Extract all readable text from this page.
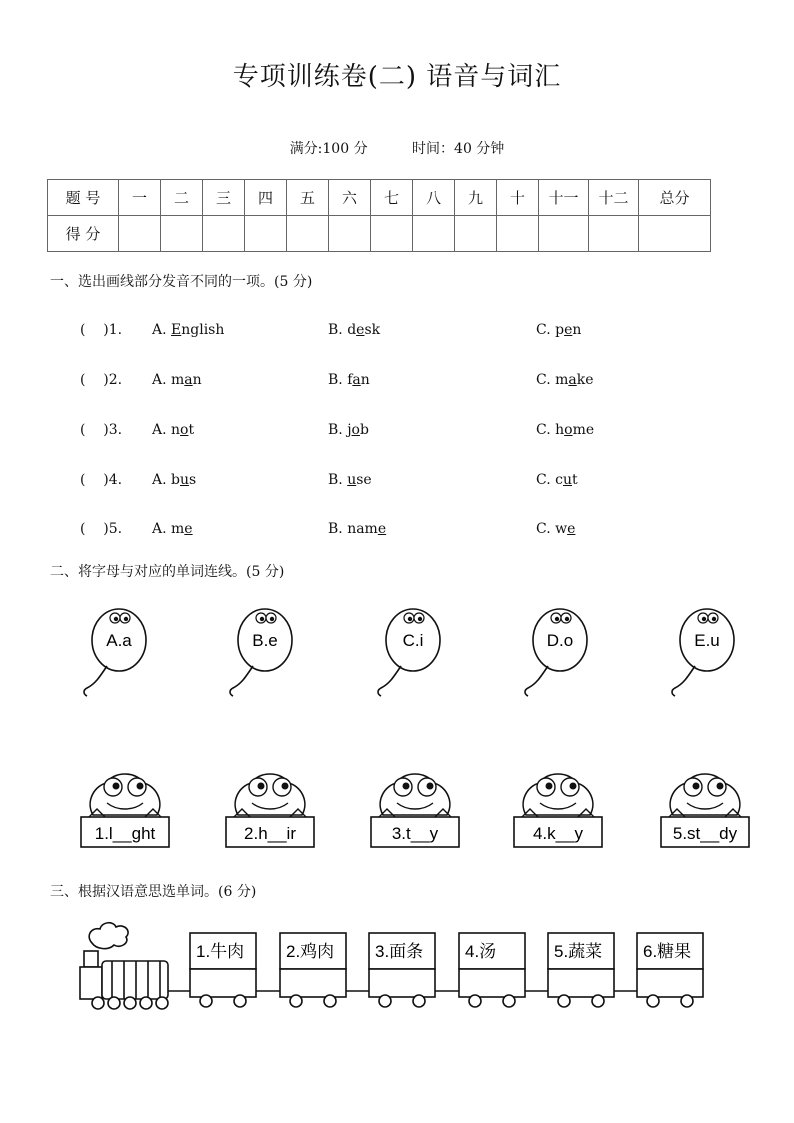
专项训练卷(二) 语音与词汇
满分:100 分	时间：40 分钟
题 号	一	二	三	四	五	六	七	八	九	十	十一	十二	总分
得 分													
一、选出画线部分发音不同的一项。(5 分)
(    )1. A. English	B. desk	C. pen
(    )2. A. man	B. fan	C. make
(    )3. A. not	B. job	C. home
(    )4. A. bus	B. use	C. cut
(    )5. A. me	B. name	C. we
二、将字母与对应的单词连线。(5 分)
A.a	B.e	C.i	D.o	E.u
1.l__ght	2.h__ir	3.t__y	4.k__y	5.st__dy
三、根据汉语意思选单词。(6 分)
1.牛肉 2.鸡肉 3.面条 4.汤	5.蔬菜 6.糖果
